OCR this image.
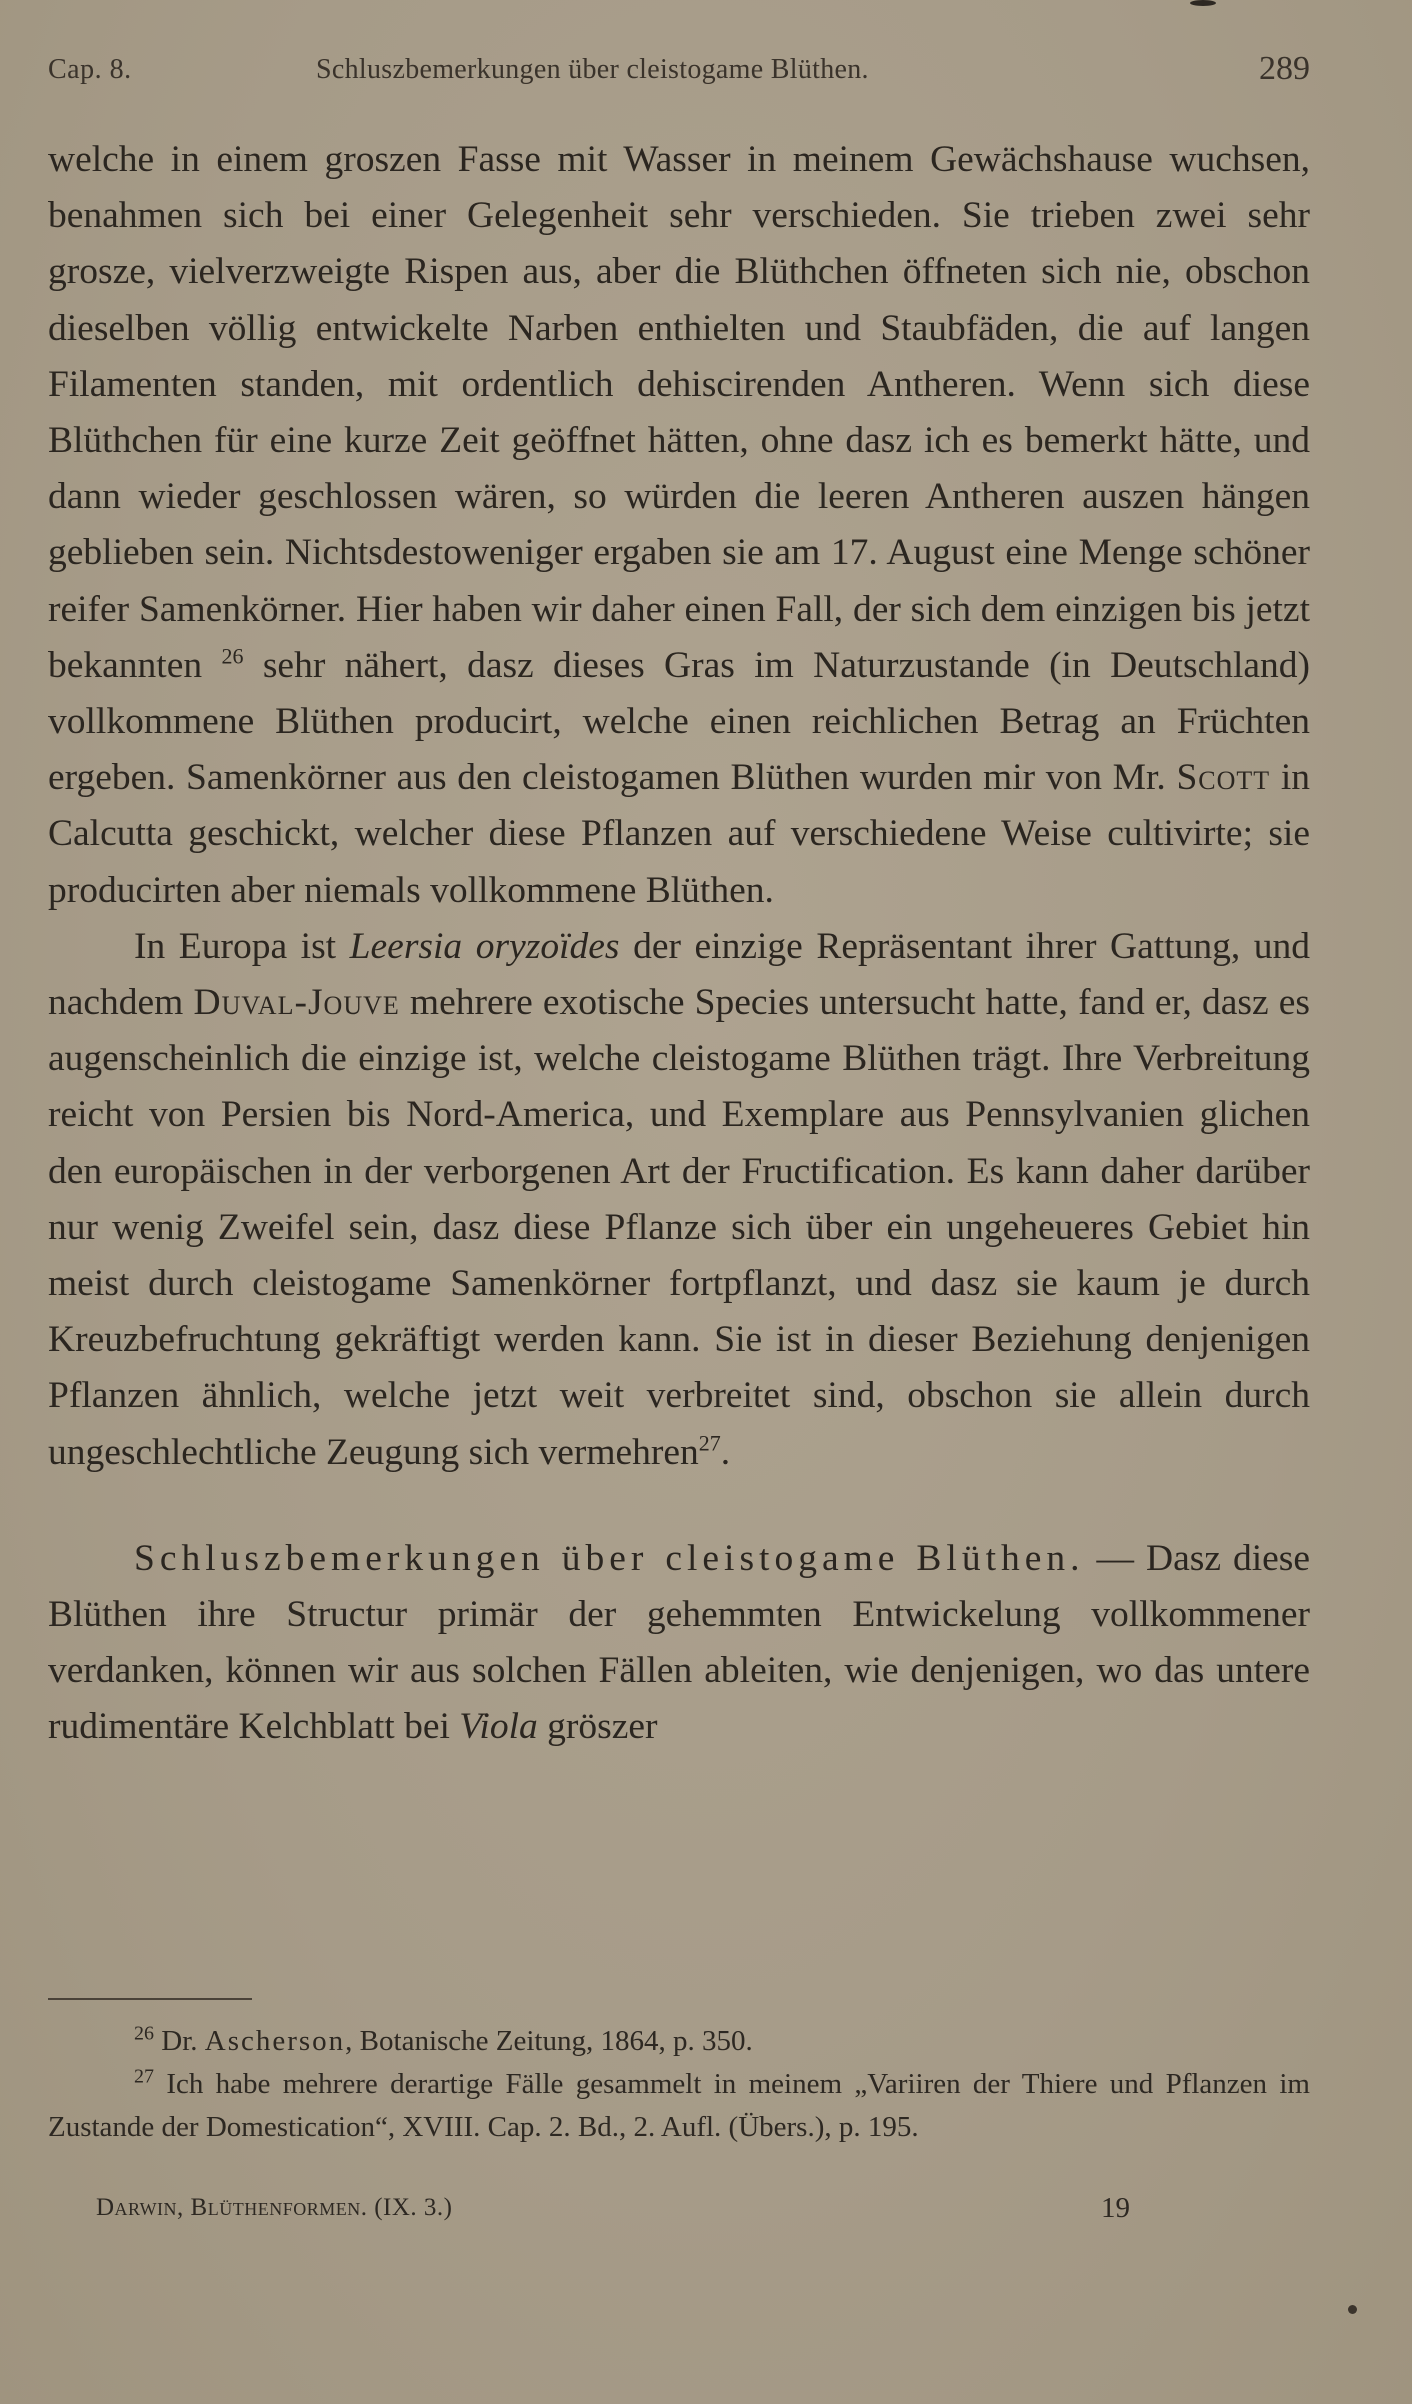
Cap. 8.	Schluszbemerkungen über cleistogame Blüthen.	289

welche in einem groszen Fasse mit Wasser in meinem Gewächshause wuchsen, benahmen sich bei einer Gelegenheit sehr verschieden. Sie trieben zwei sehr grosze, vielverzweigte Rispen aus, aber die Blüthchen öffneten sich nie, obschon dieselben völlig entwickelte Narben enthielten und Staubfäden, die auf langen Filamenten standen, mit ordentlich dehiscirenden Antheren. Wenn sich diese Blüthchen für eine kurze Zeit geöffnet hätten, ohne dasz ich es bemerkt hätte, und dann wieder geschlossen wären, so würden die leeren Antheren auszen hängen geblieben sein. Nichtsdestoweniger ergaben sie am 17. August eine Menge schöner reifer Samenkörner. Hier haben wir daher einen Fall, der sich dem einzigen bis jetzt bekannten $^{26}$ sehr nähert, dasz dieses Gras im Naturzustande (in Deutschland) vollkommene Blüthen producirt, welche einen reichlichen Betrag an Früchten ergeben. Samenkörner aus den cleistogamen Blüthen wurden mir von Mr. Scott in Calcutta geschickt, welcher diese Pflanzen auf verschiedene Weise cultivirte; sie producirten aber niemals vollkommene Blüthen.

In Europa ist Leersia oryzoïdes der einzige Repräsentant ihrer Gattung, und nachdem Duval-Jouve mehrere exotische Species untersucht hatte, fand er, dasz es augenscheinlich die einzige ist, welche cleistogame Blüthen trägt. Ihre Verbreitung reicht von Persien bis Nord-America, und Exemplare aus Pennsylvanien glichen den europäischen in der verborgenen Art der Fructification. Es kann daher darüber nur wenig Zweifel sein, dasz diese Pflanze sich über ein ungeheueres Gebiet hin meist durch cleistogame Samenkörner fortpflanzt, und dasz sie kaum je durch Kreuzbefruchtung gekräftigt werden kann. Sie ist in dieser Beziehung denjenigen Pflanzen ähnlich, welche jetzt weit verbreitet sind, obschon sie allein durch ungeschlechtliche Zeugung sich vermehren$^{27}$.

Schluszbemerkungen über cleistogame Blüthen. — Dasz diese Blüthen ihre Structur primär der gehemmten Entwickelung vollkommener verdanken, können wir aus solchen Fällen ableiten, wie denjenigen, wo das untere rudimentäre Kelchblatt bei Viola gröszer

$^{26}$ Dr. Ascherson, Botanische Zeitung, 1864, p. 350.

$^{27}$ Ich habe mehrere derartige Fälle gesammelt in meinem „Variiren der Thiere und Pflanzen im Zustande der Domestication“, XVIII. Cap. 2. Bd., 2. Aufl. (Übers.), p. 195.

Darwin, Blüthenformen. (IX. 3.)	19
